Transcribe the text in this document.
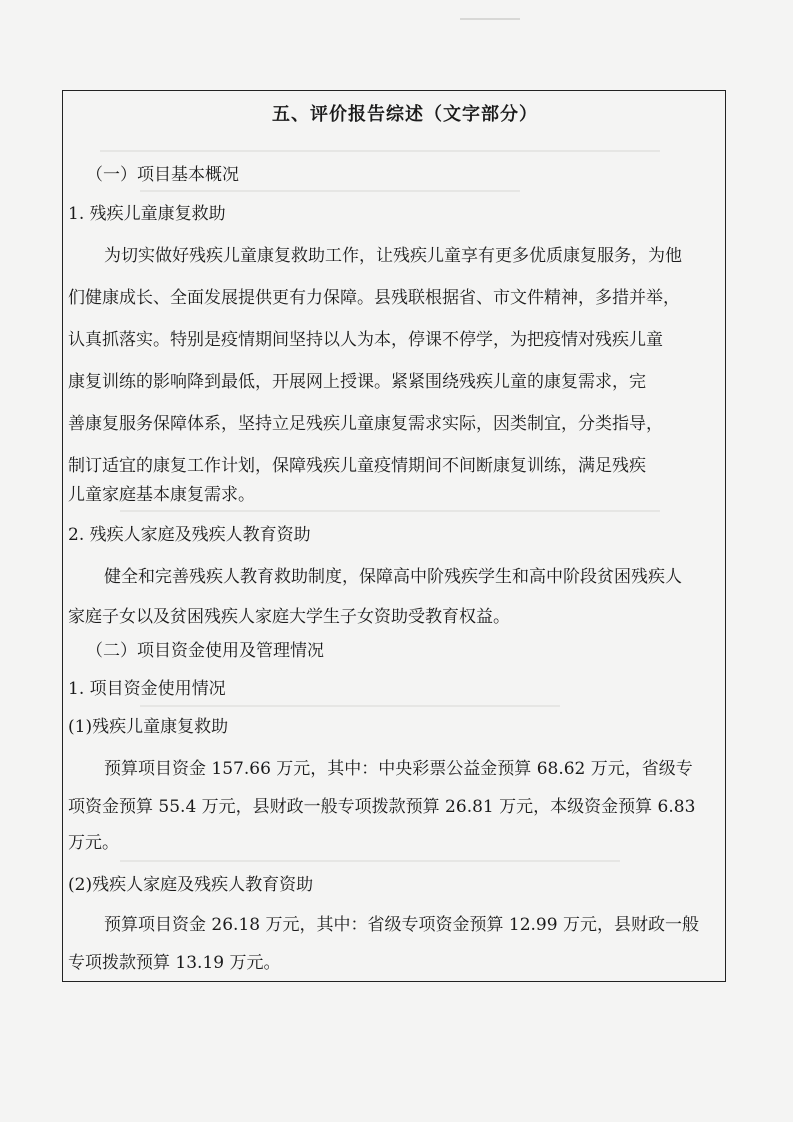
五、评价报告综述（文字部分）
（一）项目基本概况
1. 残疾儿童康复救助
为切实做好残疾儿童康复救助工作，让残疾儿童享有更多优质康复服务，为他
们健康成长、全面发展提供更有力保障。县残联根据省、市文件精神，多措并举，
认真抓落实。特别是疫情期间坚持以人为本，停课不停学，为把疫情对残疾儿童
康复训练的影响降到最低，开展网上授课。紧紧围绕残疾儿童的康复需求，完
善康复服务保障体系，坚持立足残疾儿童康复需求实际，因类制宜，分类指导，
制订适宜的康复工作计划，保障残疾儿童疫情期间不间断康复训练，满足残疾
儿童家庭基本康复需求。
2. 残疾人家庭及残疾人教育资助
健全和完善残疾人教育救助制度，保障高中阶残疾学生和高中阶段贫困残疾人
家庭子女以及贫困残疾人家庭大学生子女资助受教育权益。
（二）项目资金使用及管理情况
1. 项目资金使用情况
(1)残疾儿童康复救助
预算项目资金 157.66 万元，其中：中央彩票公益金预算 68.62 万元，省级专
项资金预算 55.4 万元，县财政一般专项拨款预算 26.81 万元，本级资金预算 6.83
万元。
(2)残疾人家庭及残疾人教育资助
预算项目资金 26.18 万元，其中：省级专项资金预算 12.99 万元，县财政一般
专项拨款预算 13.19 万元。
